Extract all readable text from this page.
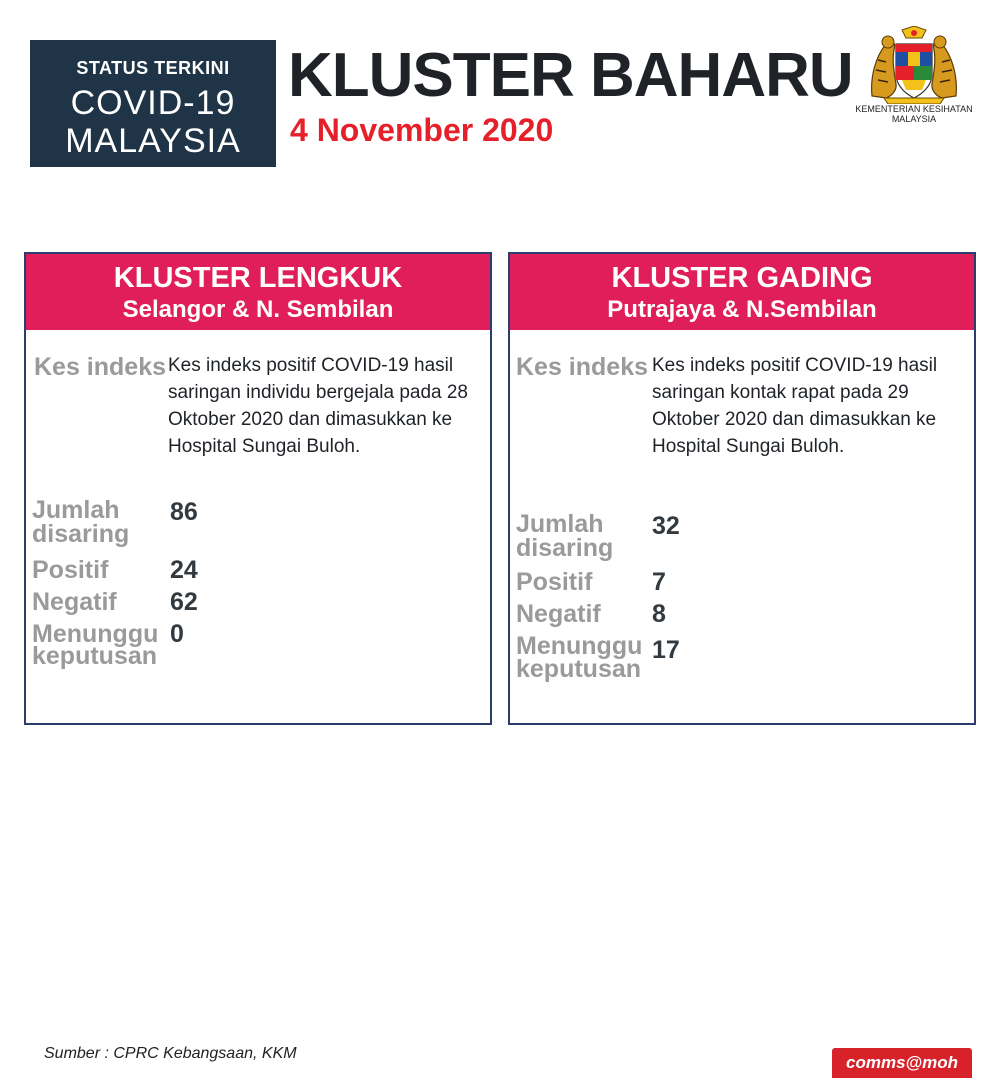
STATUS TERKINI
COVID-19
MALAYSIA
KLUSTER BAHARU
4 November 2020
KEMENTERIAN KESIHATAN
MALAYSIA
KLUSTER LENGKUK
Selangor & N. Sembilan
Kes indeks Kes indeks positif COVID-19 hasil saringan individu bergejala pada 28 Oktober 2020 dan dimasukkan ke Hospital Sungai Buloh.
Jumlah
disaring
86
Positif 24
Negatif 62
Menunggu
keputusan
0
KLUSTER GADING
Putrajaya & N.Sembilan
Kes indeks Kes indeks positif COVID-19 hasil saringan kontak rapat pada 29 Oktober 2020 dan dimasukkan ke Hospital Sungai Buloh.
Jumlah
disaring
32
Positif 7
Negatif 8
Menunggu
keputusan
17
Sumber : CPRC Kebangsaan, KKM	comms@moh
